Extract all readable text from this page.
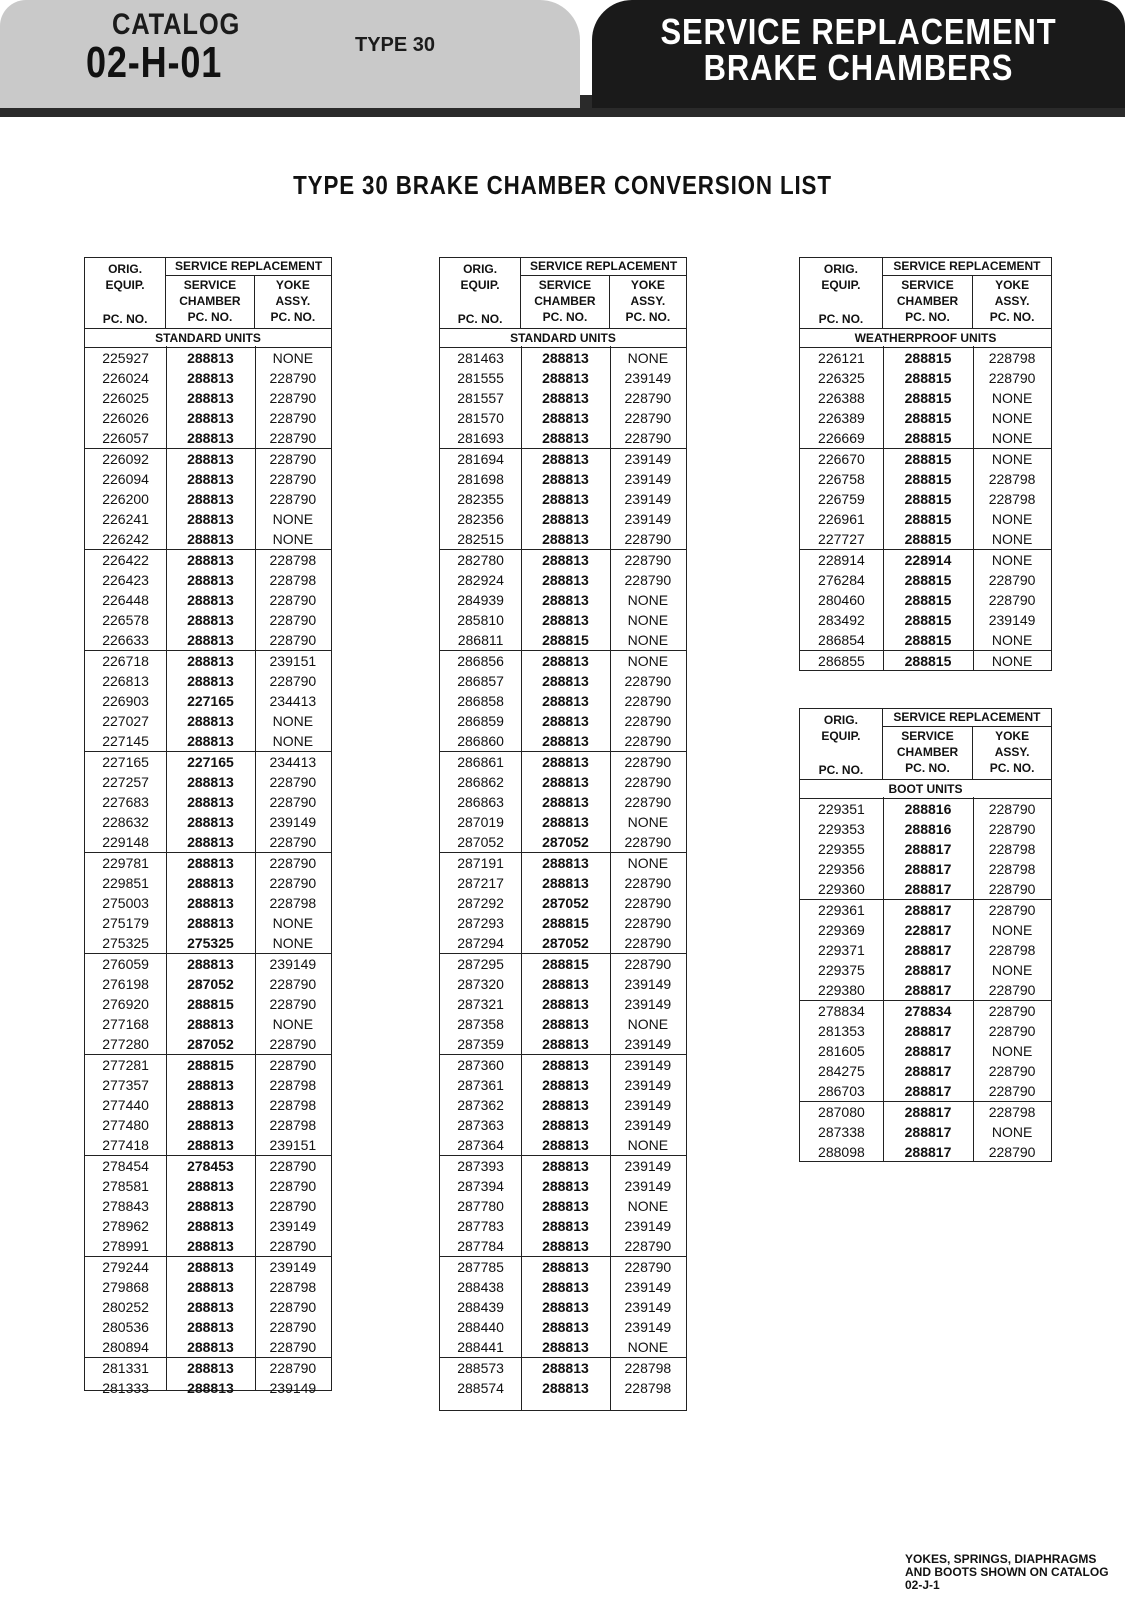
CATALOG
02-H-01	TYPE 30	SERVICE REPLACEMENT
BRAKE CHAMBERS
TYPE 30 BRAKE CHAMBER CONVERSION LIST
ORIG.
EQUIP.
PC. NO.
SERVICE REPLACEMENT
SERVICE
CHAMBER
PC. NO.
YOKE
ASSY.
PC. NO.
STANDARD UNITS
225927	288813	NONE
226024	288813	228790
226025	288813	228790
226026	288813	228790
226057	288813	228790
226092	288813	228790
226094	288813	228790
226200	288813	228790
226241	288813	NONE
226242	288813	NONE
226422	288813	228798
226423	288813	228798
226448	288813	228790
226578	288813	228790
226633	288813	228790
226718	288813	239151
226813	288813	228790
226903	227165	234413
227027	288813	NONE
227145	288813	NONE
227165	227165	234413
227257	288813	228790
227683	288813	228790
228632	288813	239149
229148	288813	228790
229781	288813	228790
229851	288813	228790
275003	288813	228798
275179	288813	NONE
275325	275325	NONE
276059	288813	239149
276198	287052	228790
276920	288815	228790
277168	288813	NONE
277280	287052	228790
277281	288815	228790
277357	288813	228798
277440	288813	228798
277480	288813	228798
277418	288813	239151
278454	278453	228790
278581	288813	228790
278843	288813	228790
278962	288813	239149
278991	288813	228790
279244	288813	239149
279868	288813	228798
280252	288813	228790
280536	288813	228790
280894	288813	228790
281331	288813	228790
281333	288813	239149
ORIG.
EQUIP.
PC. NO.
SERVICE REPLACEMENT
SERVICE
CHAMBER
PC. NO.
YOKE
ASSY.
PC. NO.
STANDARD UNITS
281463	288813	NONE
281555	288813	239149
281557	288813	228790
281570	288813	228790
281693	288813	228790
281694	288813	239149
281698	288813	239149
282355	288813	239149
282356	288813	239149
282515	288813	228790
282780	288813	228790
282924	288813	228790
284939	288813	NONE
285810	288813	NONE
286811	288815	NONE
286856	288813	NONE
286857	288813	228790
286858	288813	228790
286859	288813	228790
286860	288813	228790
286861	288813	228790
286862	288813	228790
286863	288813	228790
287019	288813	NONE
287052	287052	228790
287191	288813	NONE
287217	288813	228790
287292	287052	228790
287293	288815	228790
287294	287052	228790
287295	288815	228790
287320	288813	239149
287321	288813	239149
287358	288813	NONE
287359	288813	239149
287360	288813	239149
287361	288813	239149
287362	288813	239149
287363	288813	239149
287364	288813	NONE
287393	288813	239149
287394	288813	239149
287780	288813	NONE
287783	288813	239149
287784	288813	228790
287785	288813	228790
288438	288813	239149
288439	288813	239149
288440	288813	239149
288441	288813	NONE
288573	288813	228798
288574	288813	228798
ORIG.
EQUIP.
PC. NO.
SERVICE REPLACEMENT
SERVICE
CHAMBER
PC. NO.
YOKE
ASSY.
PC. NO.
WEATHERPROOF UNITS
226121	288815	228798
226325	288815	228790
226388	288815	NONE
226389	288815	NONE
226669	288815	NONE
226670	288815	NONE
226758	288815	228798
226759	288815	228798
226961	288815	NONE
227727	288815	NONE
228914	228914	NONE
276284	288815	228790
280460	288815	228790
283492	288815	239149
286854	288815	NONE
286855	288815	NONE
ORIG.
EQUIP.
PC. NO.
SERVICE REPLACEMENT
SERVICE
CHAMBER
PC. NO.
YOKE
ASSY.
PC. NO.
BOOT UNITS
229351	288816	228790
229353	288816	228790
229355	288817	228798
229356	288817	228798
229360	288817	228790
229361	288817	228790
229369	228817	NONE
229371	288817	228798
229375	288817	NONE
229380	288817	228790
278834	278834	228790
281353	288817	228790
281605	288817	NONE
284275	288817	228790
286703	288817	228790
287080	288817	228798
287338	288817	NONE
288098	288817	228790
YOKES, SPRINGS, DIAPHRAGMS
AND BOOTS SHOWN ON CATALOG
02-J-1
